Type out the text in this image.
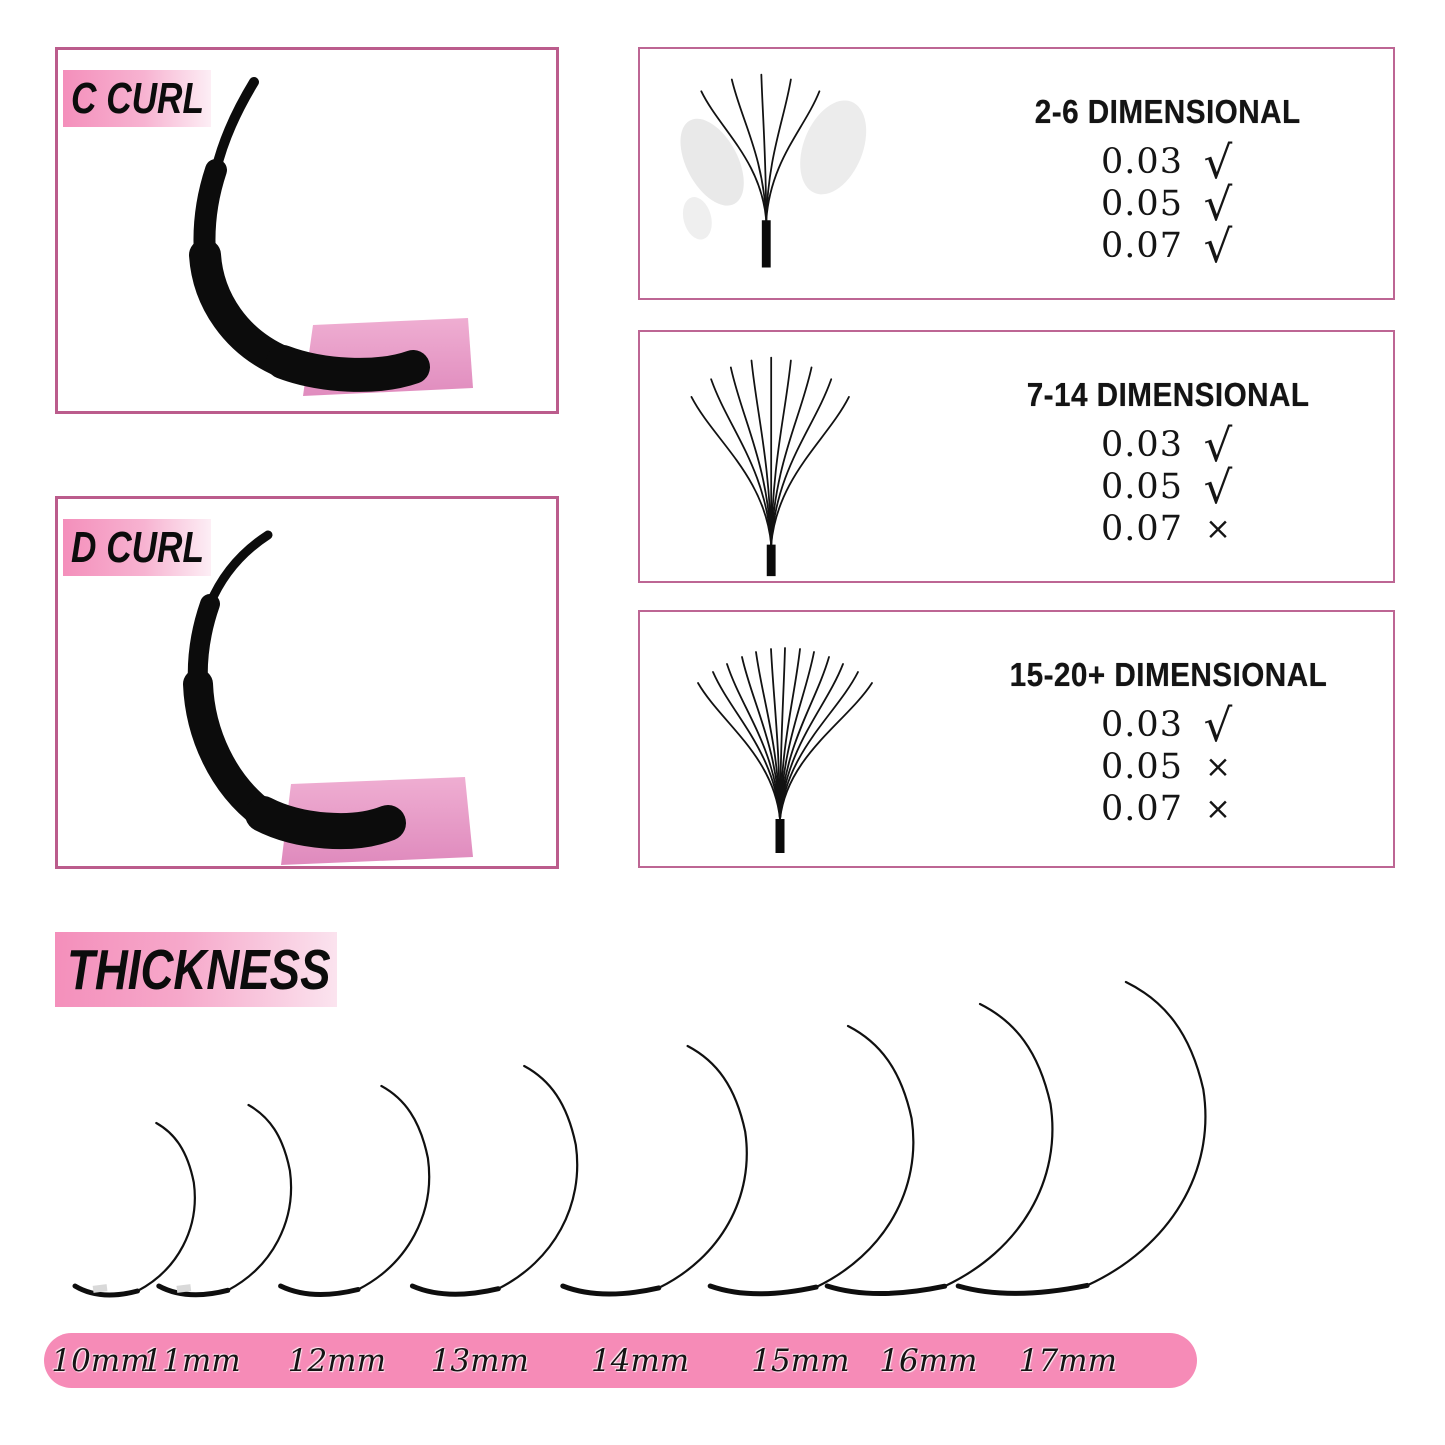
C CURL
D CURL
2-6 DIMENSIONAL
0.03 √
0.05 √
0.07 √
7-14 DIMENSIONAL
0.03 √
0.05 √
0.07 ×
15-20+ DIMENSIONAL
0.03 √
0.05 ×
0.07 ×
THICKNESS
10mm
11mm 12mm 13mm 14mm 15mm 16mm 17mm
